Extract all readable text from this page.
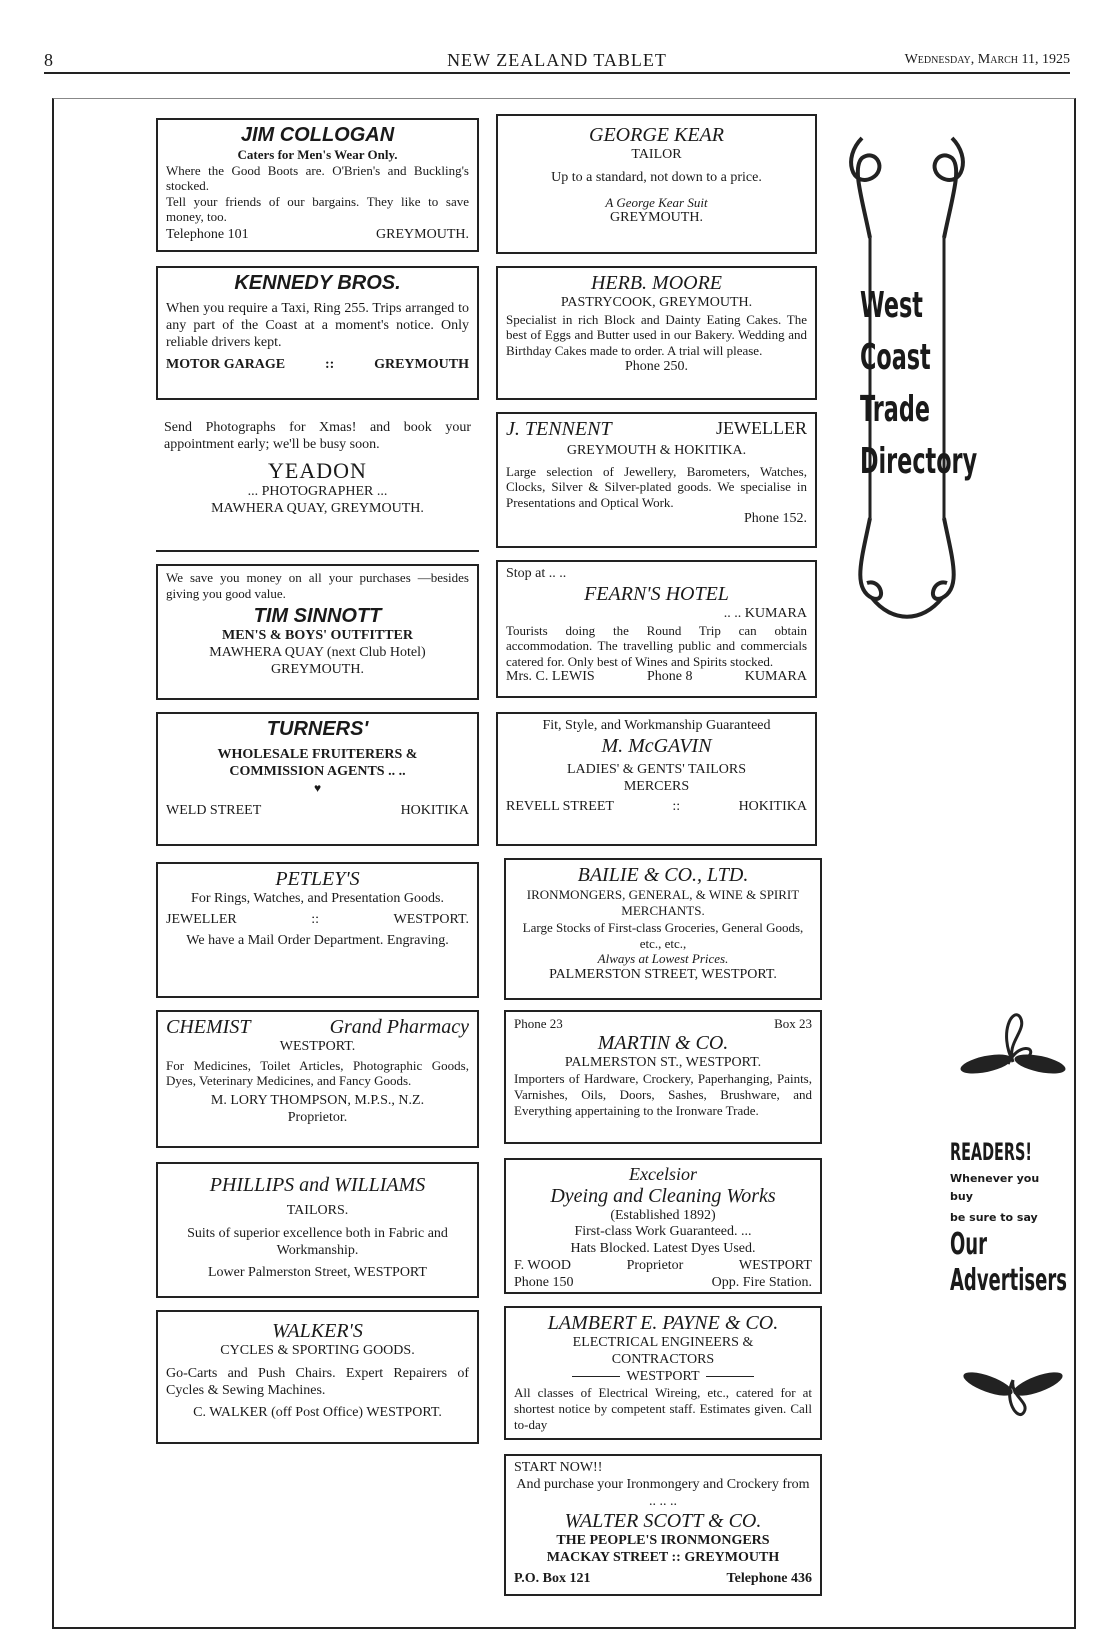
8	NEW ZEALAND TABLET	Wednesday, March 11, 1925
JIM COLLOGAN
Caters for Men's Wear Only.
Where the Good Boots are. O'Brien's and Buckling's stocked.
Tell your friends of our bargains. They like to save money, too.
Telephone 101	GREYMOUTH.
KENNEDY BROS.
When you require a Taxi, Ring 255. Trips arranged to any part of the Coast at a moment's notice. Only reliable drivers kept.
MOTOR GARAGE	::	GREYMOUTH
Send Photographs for Xmas! and book your appointment early; we'll be busy soon.
YEADON
... PHOTOGRAPHER ...
MAWHERA QUAY, GREYMOUTH.
We save you money on all your purchases —besides giving you good value.
TIM SINNOTT
MEN'S & BOYS' OUTFITTER
MAWHERA QUAY (next Club Hotel)
GREYMOUTH.
TURNERS'
WHOLESALE FRUITERERS &
COMMISSION AGENTS .. ..
♥
WELD STREET	HOKITIKA
PETLEY'S
For Rings, Watches, and Presentation Goods.
JEWELLER	::	WESTPORT.
We have a Mail Order Department. Engraving.
CHEMIST	Grand Pharmacy
WESTPORT.
For Medicines, Toilet Articles, Photographic Goods, Dyes, Veterinary Medicines, and Fancy Goods.
M. LORY THOMPSON, M.P.S., N.Z.
Proprietor.
PHILLIPS and WILLIAMS
TAILORS.
Suits of superior excellence both in Fabric and Workmanship.
Lower Palmerston Street, WESTPORT
WALKER'S
CYCLES & SPORTING GOODS.
Go-Carts and Push Chairs. Expert Repairers of Cycles & Sewing Machines.
C. WALKER (off Post Office) WESTPORT.
GEORGE KEAR
TAILOR
Up to a standard, not down to a price.
A George Kear Suit
GREYMOUTH.
HERB. MOORE
PASTRYCOOK, GREYMOUTH.
Specialist in rich Block and Dainty Eating Cakes. The best of Eggs and Butter used in our Bakery. Wedding and Birthday Cakes made to order. A trial will please.
Phone 250.
J. TENNENT	JEWELLER
GREYMOUTH & HOKITIKA.
Large selection of Jewellery, Barometers, Watches, Clocks, Silver & Silver-plated goods. We specialise in Presentations and Optical Work.
Phone 152.
Stop at .. ..
FEARN'S HOTEL
.. .. KUMARA
Tourists doing the Round Trip can obtain accommodation. The travelling public and commercials catered for. Only best of Wines and Spirits stocked.
Mrs. C. LEWIS	Phone 8	KUMARA
Fit, Style, and Workmanship Guaranteed
M. McGAVIN
LADIES' & GENTS' TAILORS
MERCERS
REVELL STREET	::	HOKITIKA
BAILIE & CO., LTD.
IRONMONGERS, GENERAL, & WINE & SPIRIT MERCHANTS.
Large Stocks of First-class Groceries, General Goods, etc., etc.,
Always at Lowest Prices.
PALMERSTON STREET, WESTPORT.
Phone 23	Box 23
MARTIN & CO.
PALMERSTON ST., WESTPORT.
Importers of Hardware, Crockery, Paperhanging, Paints, Varnishes, Oils, Doors, Sashes, Brushware, and Everything appertaining to the Ironware Trade.
Excelsior
Dyeing and Cleaning Works
(Established 1892)
First-class Work Guaranteed. ...
Hats Blocked. Latest Dyes Used.
F. WOOD	Proprietor	WESTPORT
Phone 150	Opp. Fire Station.
LAMBERT E. PAYNE & CO.
ELECTRICAL ENGINEERS &
CONTRACTORS
WESTPORT
All classes of Electrical Wireing, etc., catered for at shortest notice by competent staff. Estimates given. Call to-day
START NOW!!
And purchase your Ironmongery and Crockery from .. .. ..
WALTER SCOTT & CO.
THE PEOPLE'S IRONMONGERS
MACKAY STREET :: GREYMOUTH
P.O. Box 121	Telephone 436
West
Coast
Trade
Directory
READERS!
Whenever you buy
be sure to say
Our
Advertisers
